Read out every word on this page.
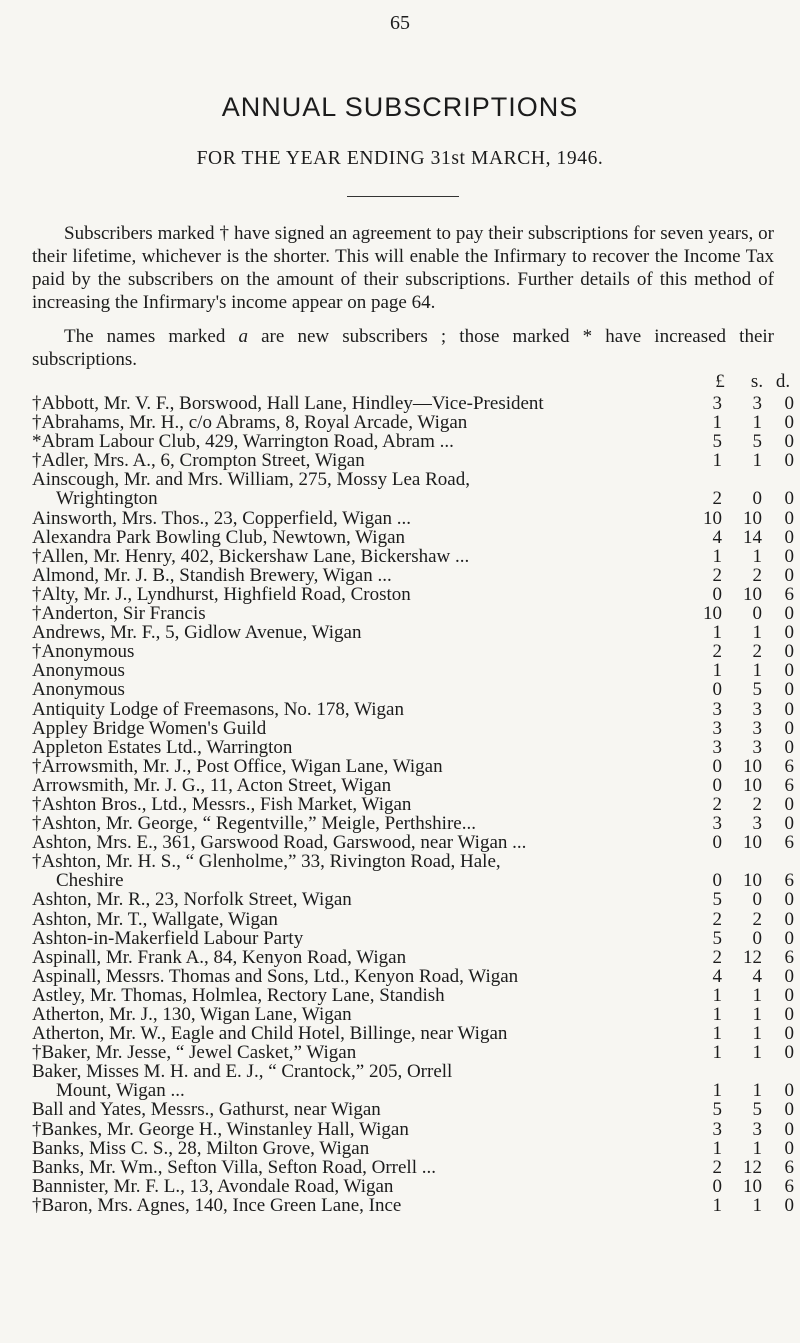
65
ANNUAL SUBSCRIPTIONS
FOR THE YEAR ENDING 31st MARCH, 1946.

Subscribers marked † have signed an agreement to pay their subscriptions for seven years, or their lifetime, whichever is the shorter. This will enable the Infirmary to recover the Income Tax paid by the subscribers on the amount of their subscriptions. Further details of this method of increasing the Infirmary's income appear on page 64.

The names marked a are new subscribers ; those marked * have increased their subscriptions.

£ s. d.
†Abbott, Mr. V. F., Borswood, Hall Lane, Hindley—Vice-President	3	3	0
†Abrahams, Mr. H., c/o Abrams, 8, Royal Arcade, Wigan	1	1	0
*Abram Labour Club, 429, Warrington Road, Abram ...	5	5	0
†Adler, Mrs. A., 6, Crompton Street, Wigan	1	1	0
Ainscough, Mr. and Mrs. William, 275, Mossy Lea Road,
Wrightington	2	0	0
Ainsworth, Mrs. Thos., 23, Copperfield, Wigan ...	10	10	0
Alexandra Park Bowling Club, Newtown, Wigan	4	14	0
†Allen, Mr. Henry, 402, Bickershaw Lane, Bickershaw ...	1	1	0
Almond, Mr. J. B., Standish Brewery, Wigan ...	2	2	0
†Alty, Mr. J., Lyndhurst, Highfield Road, Croston	0	10	6
†Anderton, Sir Francis	10	0	0
Andrews, Mr. F., 5, Gidlow Avenue, Wigan	1	1	0
†Anonymous	2	2	0
Anonymous	1	1	0
Anonymous	0	5	0
Antiquity Lodge of Freemasons, No. 178, Wigan	3	3	0
Appley Bridge Women's Guild	3	3	0
Appleton Estates Ltd., Warrington	3	3	0
†Arrowsmith, Mr. J., Post Office, Wigan Lane, Wigan	0	10	6
Arrowsmith, Mr. J. G., 11, Acton Street, Wigan	0	10	6
†Ashton Bros., Ltd., Messrs., Fish Market, Wigan	2	2	0
†Ashton, Mr. George, “ Regentville,” Meigle, Perthshire...	3	3	0
Ashton, Mrs. E., 361, Garswood Road, Garswood, near Wigan ...	0	10	6
†Ashton, Mr. H. S., “ Glenholme,” 33, Rivington Road, Hale,
Cheshire	0	10	6
Ashton, Mr. R., 23, Norfolk Street, Wigan	5	0	0
Ashton, Mr. T., Wallgate, Wigan	2	2	0
Ashton-in-Makerfield Labour Party	5	0	0
Aspinall, Mr. Frank A., 84, Kenyon Road, Wigan	2	12	6
Aspinall, Messrs. Thomas and Sons, Ltd., Kenyon Road, Wigan	4	4	0
Astley, Mr. Thomas, Holmlea, Rectory Lane, Standish	1	1	0
Atherton, Mr. J., 130, Wigan Lane, Wigan	1	1	0
Atherton, Mr. W., Eagle and Child Hotel, Billinge, near Wigan	1	1	0
†Baker, Mr. Jesse, “ Jewel Casket,” Wigan	1	1	0
Baker, Misses M. H. and E. J., “ Crantock,” 205, Orrell
Mount, Wigan ...	1	1	0
Ball and Yates, Messrs., Gathurst, near Wigan	5	5	0
†Bankes, Mr. George H., Winstanley Hall, Wigan	3	3	0
Banks, Miss C. S., 28, Milton Grove, Wigan	1	1	0
Banks, Mr. Wm., Sefton Villa, Sefton Road, Orrell ...	2	12	6
Bannister, Mr. F. L., 13, Avondale Road, Wigan	0	10	6
†Baron, Mrs. Agnes, 140, Ince Green Lane, Ince	1	1	0
